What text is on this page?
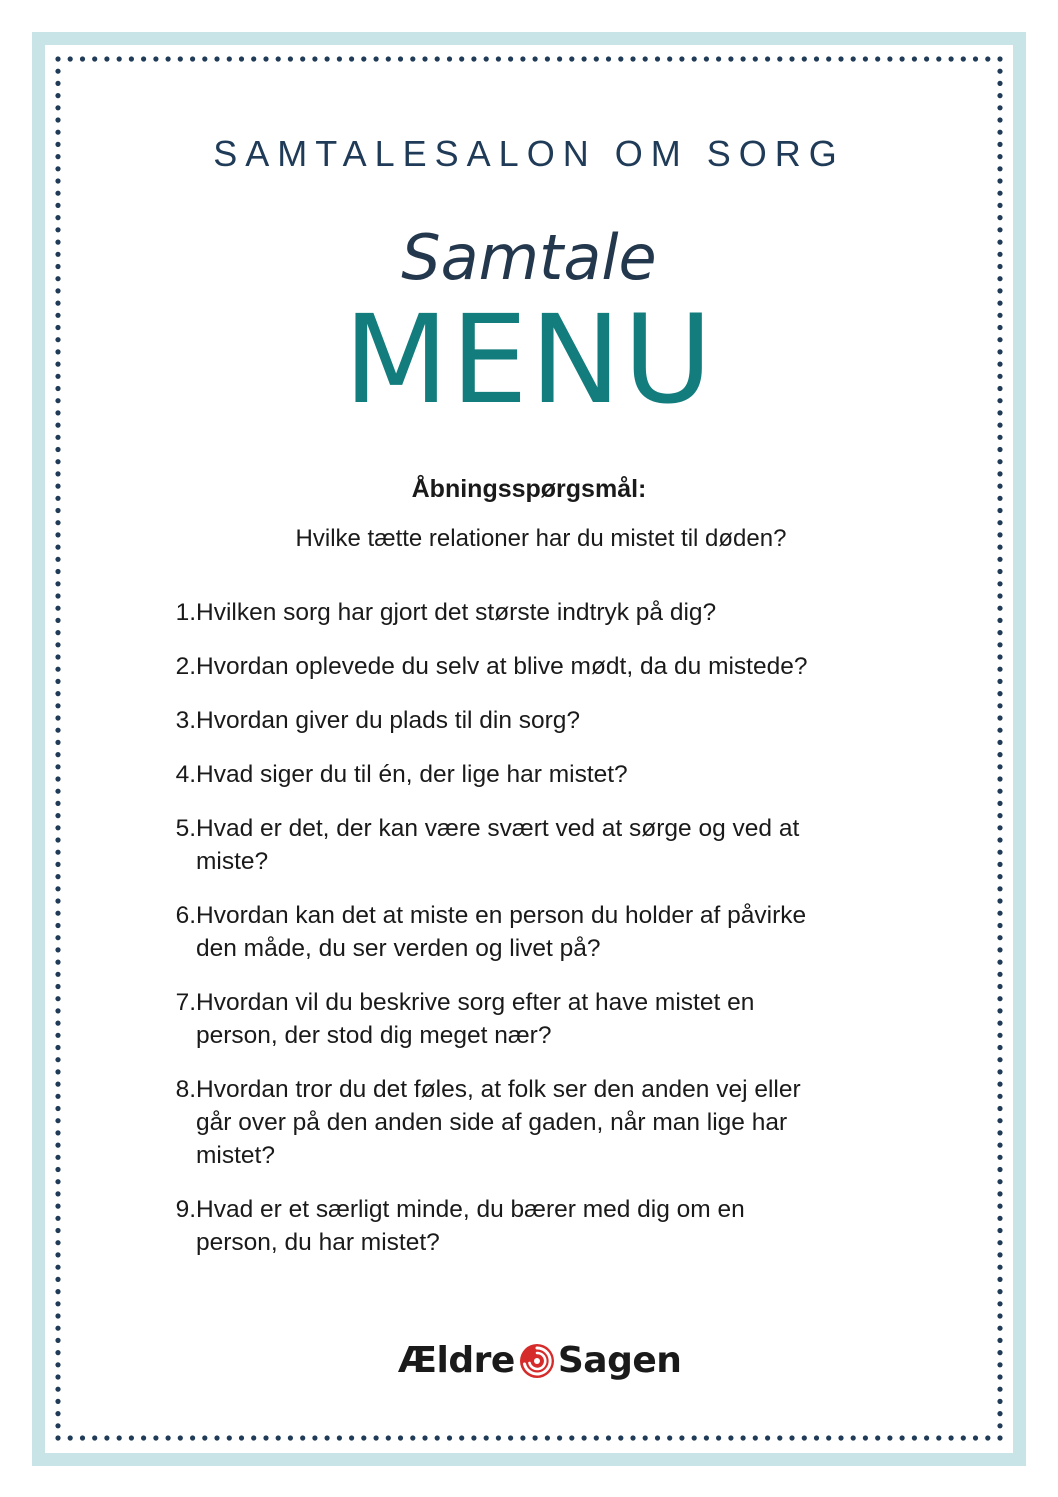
SAMTALESALON OM SORG
Samtale
MENU
Åbningsspørgsmål:
Hvilke tætte relationer har du mistet til døden?
1. Hvilken sorg har gjort det største indtryk på dig?
2. Hvordan oplevede du selv at blive mødt, da du mistede?
3. Hvordan giver du plads til din sorg?
4. Hvad siger du til én, der lige har mistet?
5. Hvad er det, der kan være svært ved at sørge og ved at
miste?
6. Hvordan kan det at miste en person du holder af påvirke
den måde, du ser verden og livet på?
7. Hvordan vil du beskrive sorg efter at have mistet en
person, der stod dig meget nær?
8. Hvordan tror du det føles, at folk ser den anden vej eller
går over på den anden side af gaden, når man lige har
mistet?
9. Hvad er et særligt minde, du bærer med dig om en
person, du har mistet?
Ældre Sagen
